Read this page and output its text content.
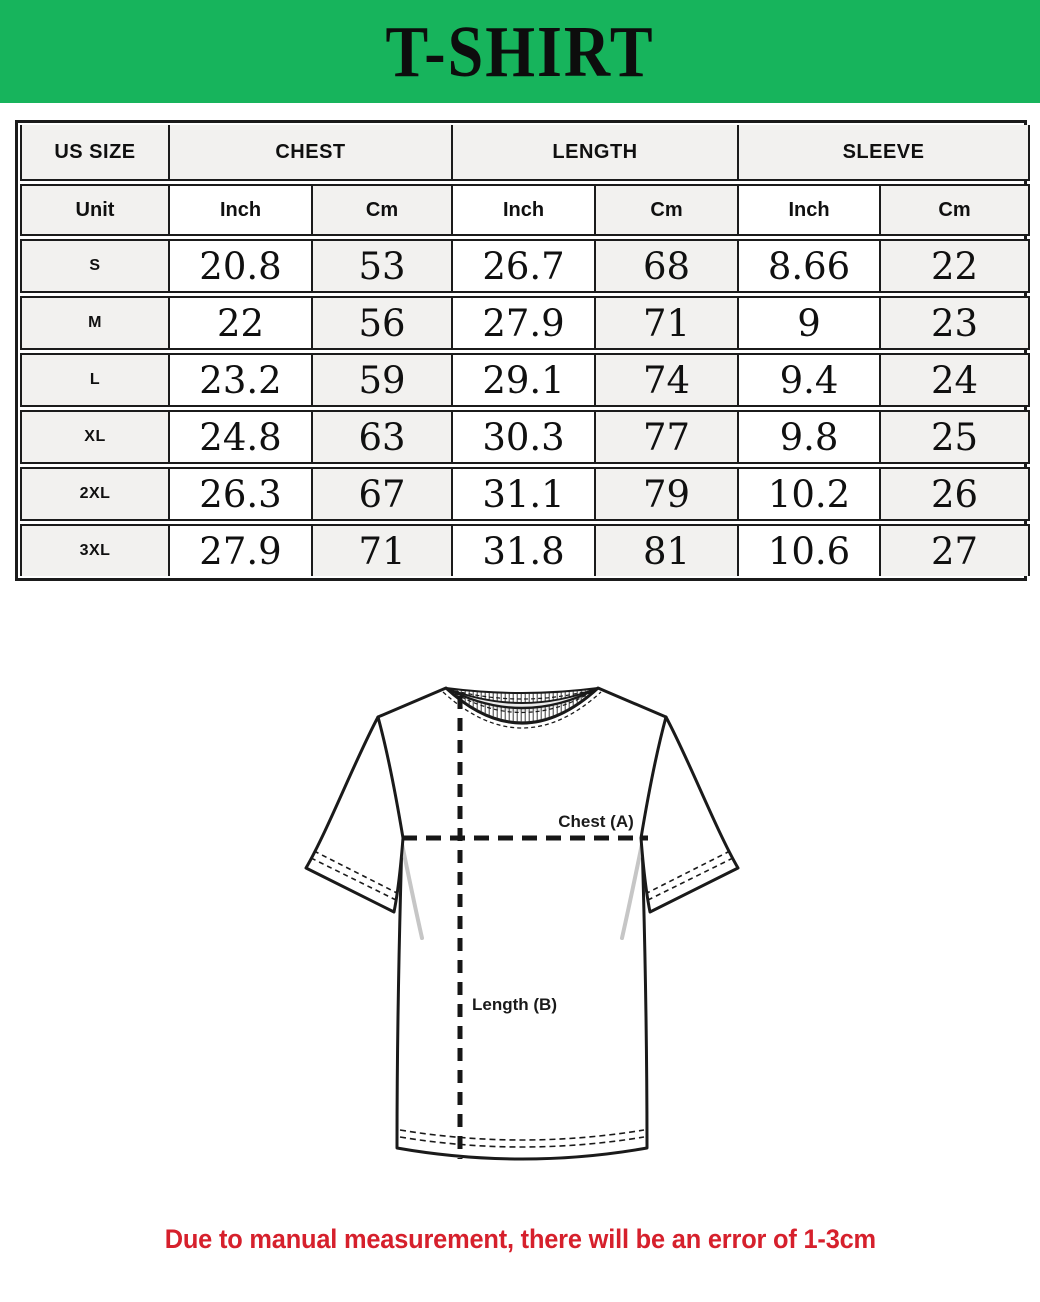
T-SHIRT
US SIZE	CHEST		LENGTH		SLEEVE	
Unit	Inch	Cm	Inch	Cm	Inch	Cm
S	20.8	53	26.7	68	8.66	22
M	22	56	27.9	71	9	23
L	23.2	59	29.1	74	9.4	24
XL	24.8	63	30.3	77	9.8	25
2XL	26.3	67	31.1	79	10.2	26
3XL	27.9	71	31.8	81	10.6	27
Chest (A)
Length (B)
Due to manual measurement, there will be an error of 1-3cm
